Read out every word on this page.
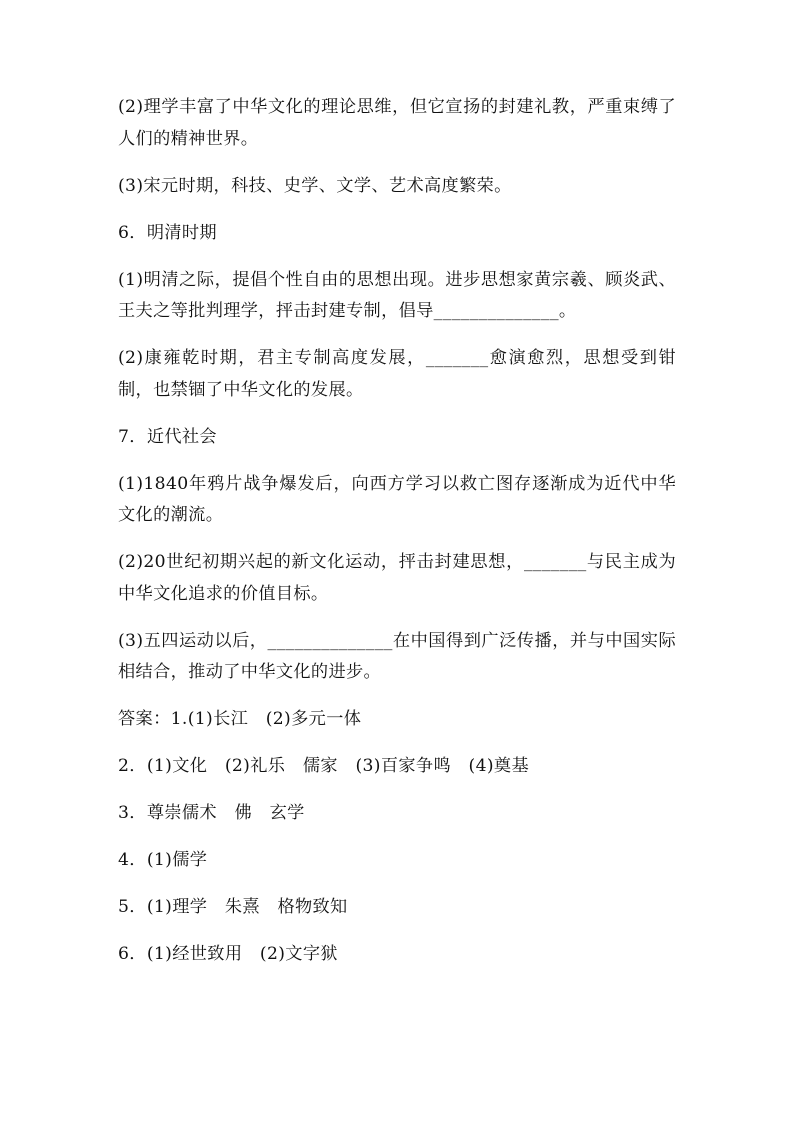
(2)理学丰富了中华文化的理论思维，但它宣扬的封建礼教，严重束缚了人们的精神世界。

(3)宋元时期，科技、史学、文学、艺术高度繁荣。

6．明清时期

(1)明清之际，提倡个性自由的思想出现。进步思想家黄宗羲、顾炎武、王夫之等批判理学，抨击封建专制，倡导______________。

(2)康雍乾时期，君主专制高度发展，_______愈演愈烈，思想受到钳制，也禁锢了中华文化的发展。

7．近代社会

(1)1840年鸦片战争爆发后，向西方学习以救亡图存逐渐成为近代中华文化的潮流。

(2)20世纪初期兴起的新文化运动，抨击封建思想，_______与民主成为中华文化追求的价值目标。

(3)五四运动以后，______________在中国得到广泛传播，并与中国实际相结合，推动了中华文化的进步。

答案：1.(1)长江　(2)多元一体

2．(1)文化　(2)礼乐　儒家　(3)百家争鸣　(4)奠基

3．尊崇儒术　佛　玄学

4．(1)儒学

5．(1)理学　朱熹　格物致知

6．(1)经世致用　(2)文字狱
